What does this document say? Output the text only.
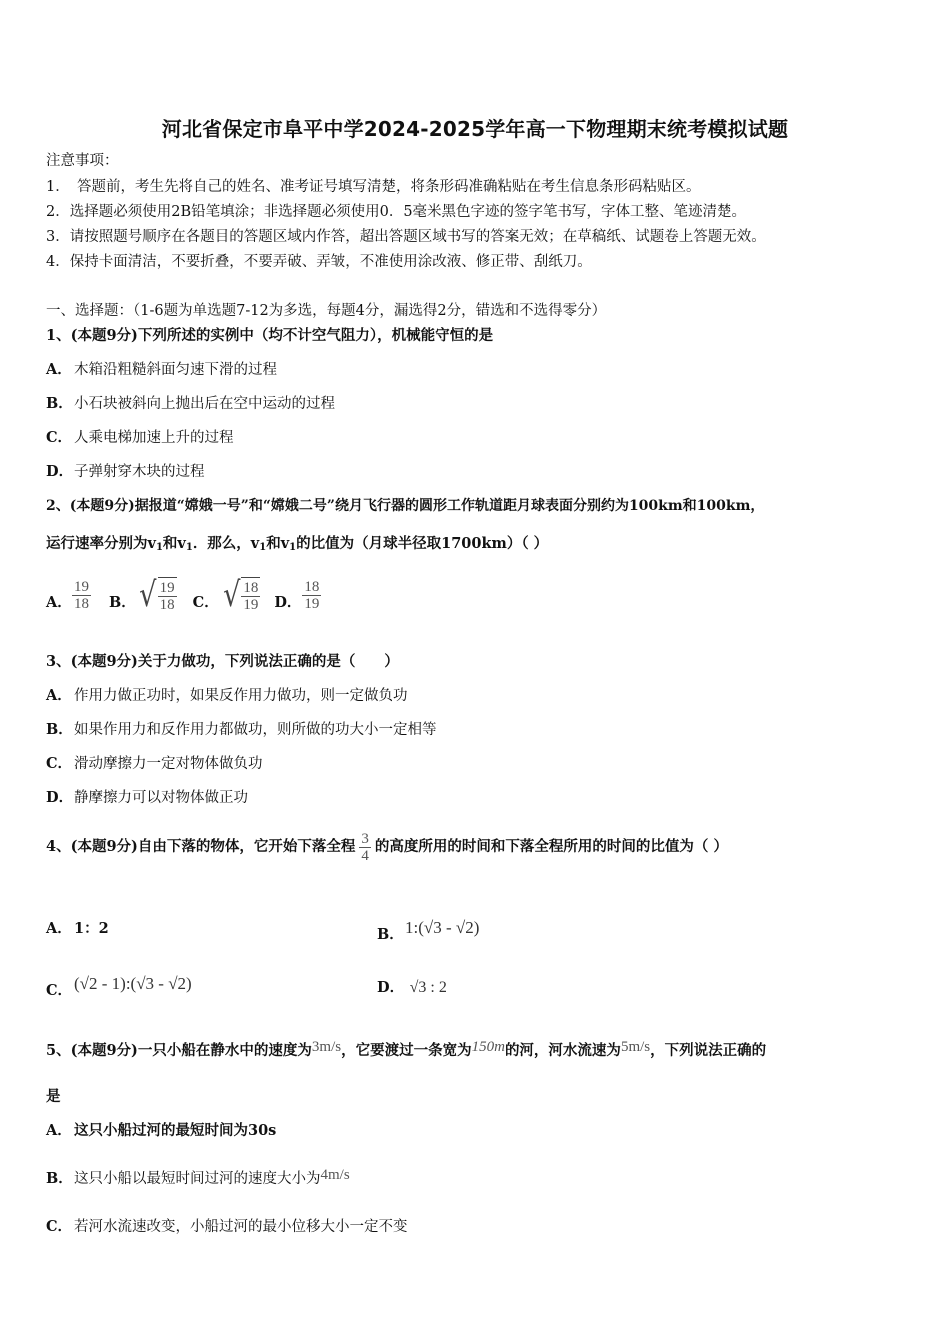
河北省保定市阜平中学2024-2025学年高一下物理期末统考模拟试题
注意事项：
1．　答题前，考生先将自己的姓名、准考证号填写清楚，将条形码准确粘贴在考生信息条形码粘贴区。
2．选择题必须使用2B铅笔填涂；非选择题必须使用0．5毫米黑色字迹的签字笔书写，字体工整、笔迹清楚。
3．请按照题号顺序在各题目的答题区域内作答，超出答题区域书写的答案无效；在草稿纸、试题卷上答题无效。
4．保持卡面清洁，不要折叠，不要弄破、弄皱，不准使用涂改液、修正带、刮纸刀。
一、选择题：（1-6题为单选题7-12为多选，每题4分，漏选得2分，错选和不选得零分）
1、(本题9分)下列所述的实例中（均不计空气阻力），机械能守恒的是
A． 木箱沿粗糙斜面匀速下滑的过程
B．小石块被斜向上抛出后在空中运动的过程
C． 人乘电梯加速上升的过程
D．子弹射穿木块的过程
2、(本题9分)据报道“嫦娥一号”和“嫦娥二号”绕月飞行器的圆形工作轨道距月球表面分别约为100km和100km，
运行速率分别为$v_1$和$v_1$．那么，$v_1$和$v_1$的比值为（月球半径取1700km）（ ）
A． $\frac{19}{18}$ B． √ $\frac{19}{18}$ C． √ $\frac{18}{19}$ D． $\frac{18}{19}$
3、(本题9分)关于力做功，下列说法正确的是（　　）
A． 作用力做正功时，如果反作用力做功，则一定做负功
B．如果作用力和反作用力都做功，则所做的功大小一定相等
C． 滑动摩擦力一定对物体做负功
D．静摩擦力可以对物体做正功
4、(本题9分)自由下落的物体，它开始下落全程 $\frac{3}{4}$ 的高度所用的时间和下落全程所用的时间的比值为（ ）
A． 1：2	B． 1:(√3 - √2)
C． (√2 - 1):(√3 - √2)	D． √3 : 2
5、(本题9分)一只小船在静水中的速度为3m/s，它要渡过一条宽为150m的河，河水流速为5m/s，下列说法正确的
是
A． 这只小船过河的最短时间为30s
B．这只小船以最短时间过河的速度大小为4m/s
C． 若河水流速改变，小船过河的最小位移大小一定不变
